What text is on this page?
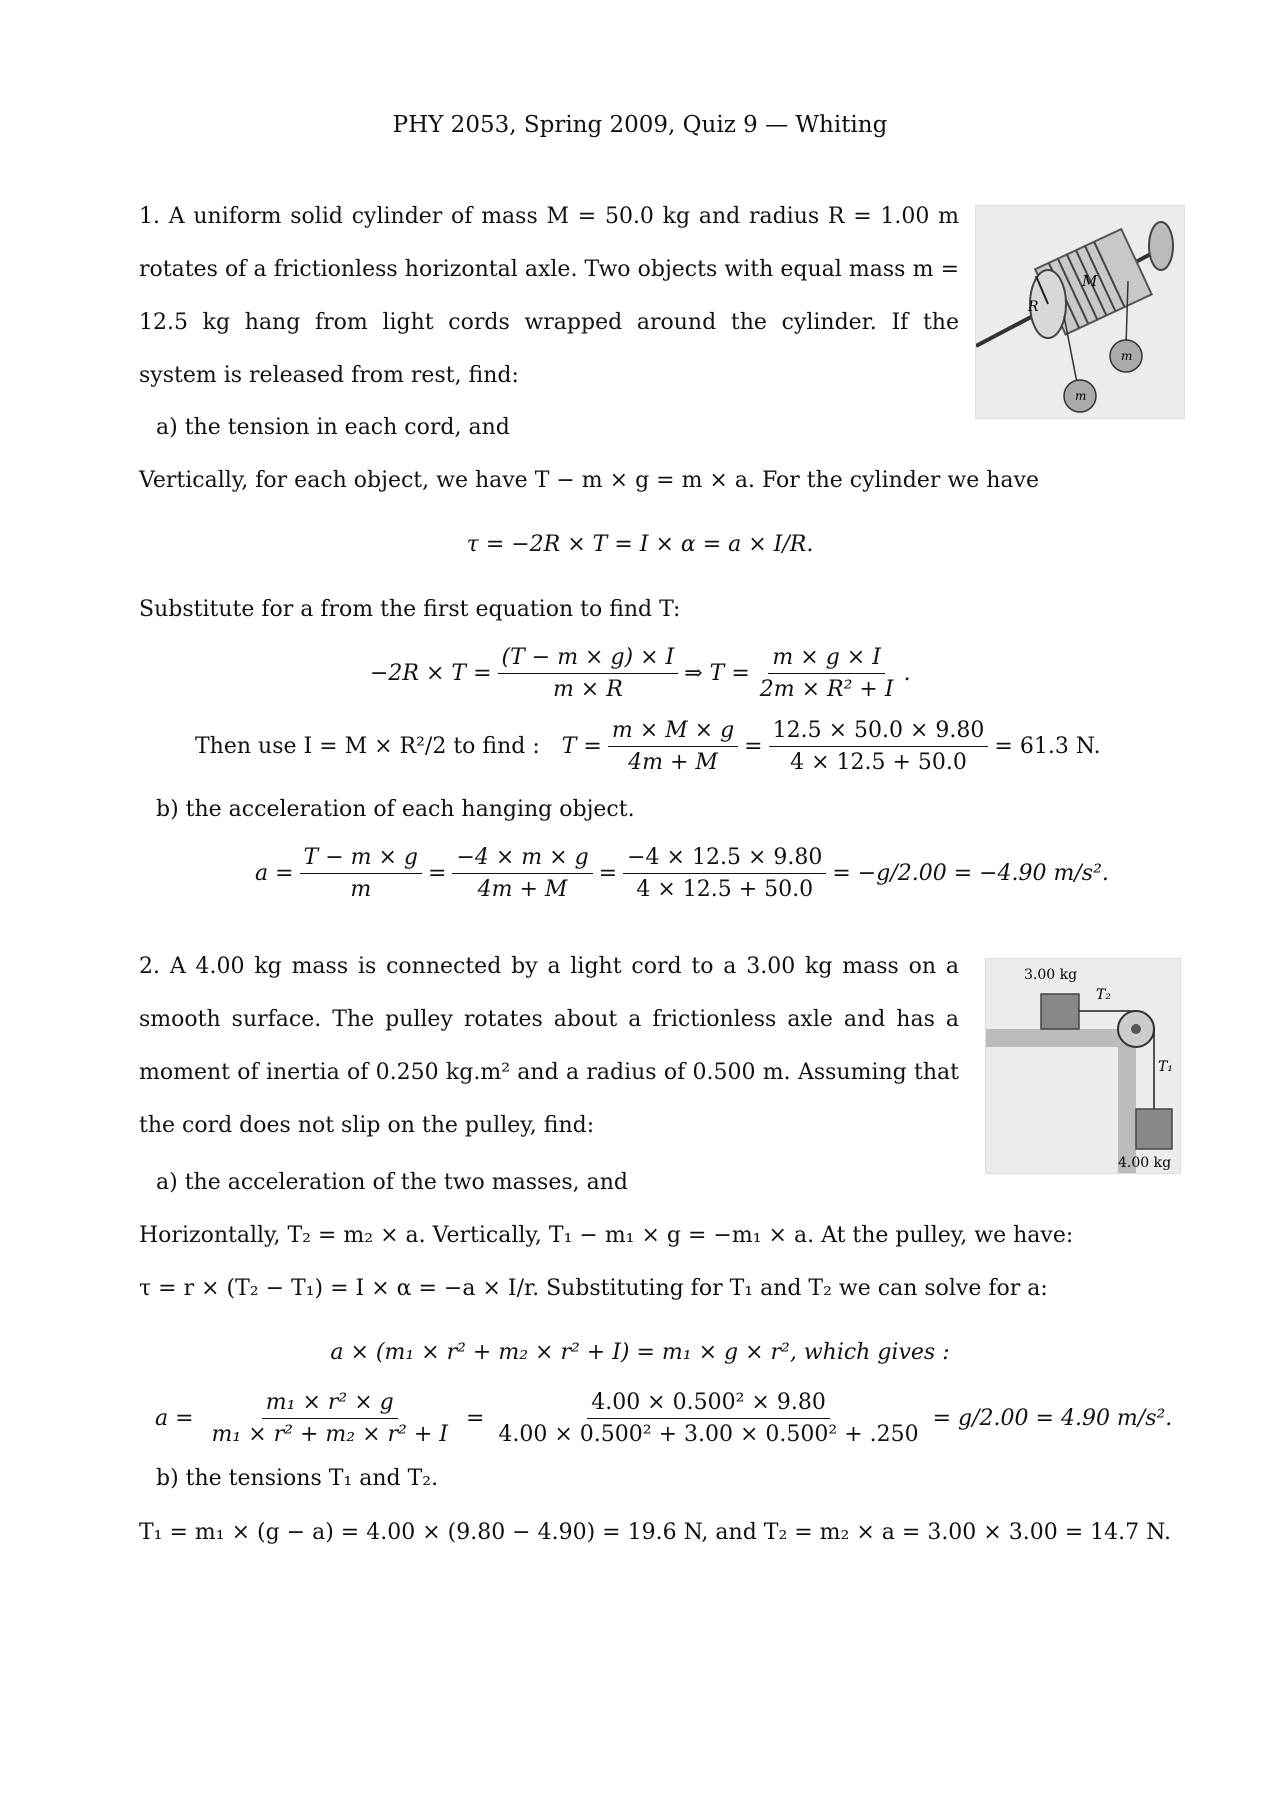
PHY 2053, Spring 2009, Quiz 9 — Whiting
1. A uniform solid cylinder of mass M = 50.0 kg and radius R = 1.00 m rotates of a frictionless horizontal axle. Two objects with equal mass m = 12.5 kg hang from light cords wrapped around the cylinder. If the system is released from rest, find:
M
R
m
m
a) the tension in each cord, and
Vertically, for each object, we have T − m × g = m × a. For the cylinder we have
τ = −2R × T = I × α = a × I/R.
Substitute for a from the first equation to find T:
$-2R \times T = \frac{(T - m \times g) \times I}{m \times R}$ ⇒ $T = \frac{m \times g \times I}{\text{2m × R² + I}}$ .
Then use I = M × R²/2 to find : $T = \frac{m \times M \times g}{4m + M} = \frac{12.5 \times 50.0 \times 9.80}{4 \times 12.5 + 50.0} = 61.3$ N.
b) the acceleration of each hanging object.
$a = \frac{T - m \times g}{m} = \frac{-4 \times m \times g}{4m + M} = \frac{-4 \times 12.5 \times 9.80}{4 \times 12.5 + 50.0} = -g/2.00 = -4.90$ m/s².
2. A 4.00 kg mass is connected by a light cord to a 3.00 kg mass on a smooth surface. The pulley rotates about a frictionless axle and has a moment of inertia of 0.250 kg.m² and a radius of 0.500 m. Assuming that the cord does not slip on the pulley, find:
3.00 kg
T₂
T₁
4.00 kg
a) the acceleration of the two masses, and
Horizontally, T₂ = m₂ × a. Vertically, T₁ − m₁ × g = −m₁ × a. At the pulley, we have:
τ = r × (T₂ − T₁) = I × α = −a × I/r. Substituting for T₁ and T₂ we can solve for a:
a × (m₁ × r² + m₂ × r² + I) = m₁ × g × r², which gives :
$a = \frac{\text{m₁ × r² × g}}{\text{m₁ × r² + m₂ × r² + I}} = \frac{\text{4.00 × 0.500² × 9.80}}{\text{4.00 × 0.500² + 3.00 × 0.500² + .250}} = g/2.00 = 4.90$ m/s².
b) the tensions T₁ and T₂.
T₁ = m₁ × (g − a) = 4.00 × (9.80 − 4.90) = 19.6 N, and T₂ = m₂ × a = 3.00 × 3.00 = 14.7 N.
